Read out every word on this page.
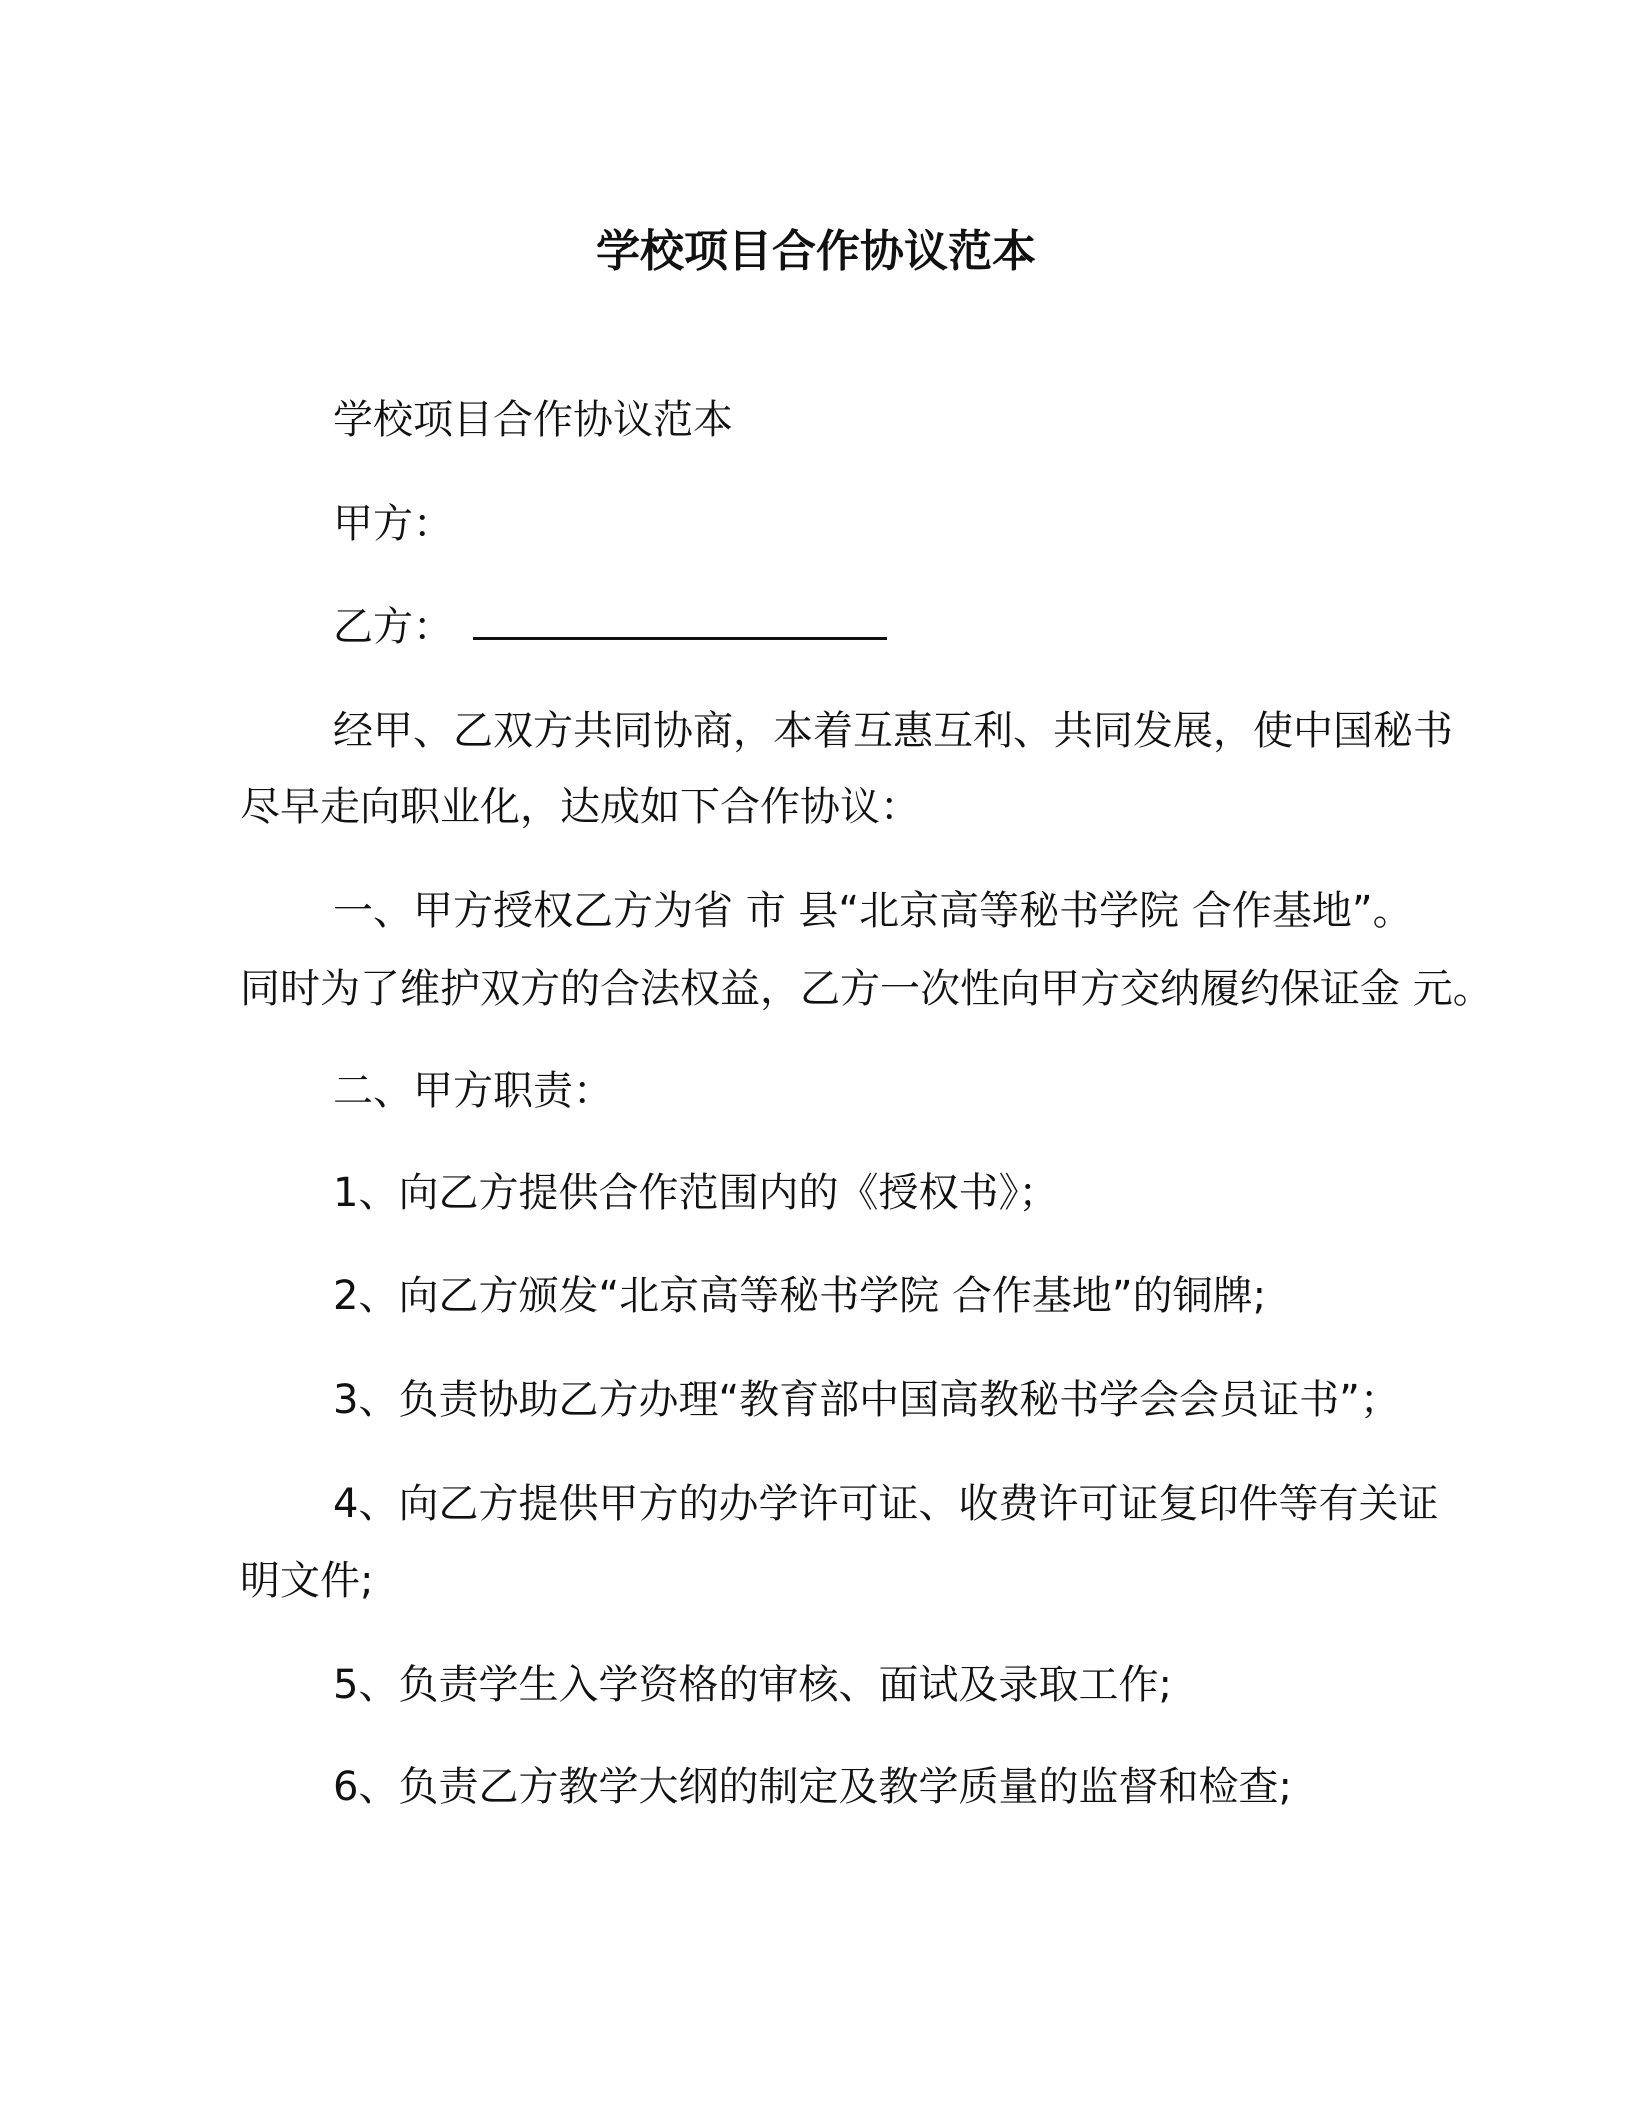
学校项目合作协议范本
学校项目合作协议范本
甲方：
乙方：
经甲、乙双方共同协商，本着互惠互利、共同发展，使中国秘书
尽早走向职业化，达成如下合作协议：
一、甲方授权乙方为省 市 县“北京高等秘书学院 合作基地”。
同时为了维护双方的合法权益，乙方一次性向甲方交纳履约保证金 元。
二、甲方职责：
1、向乙方提供合作范围内的《授权书》；
2、向乙方颁发“北京高等秘书学院 合作基地”的铜牌;
3、负责协助乙方办理“教育部中国高教秘书学会会员证书”；
4、向乙方提供甲方的办学许可证、收费许可证复印件等有关证
明文件;
5、负责学生入学资格的审核、面试及录取工作;
6、负责乙方教学大纲的制定及教学质量的监督和检查;
